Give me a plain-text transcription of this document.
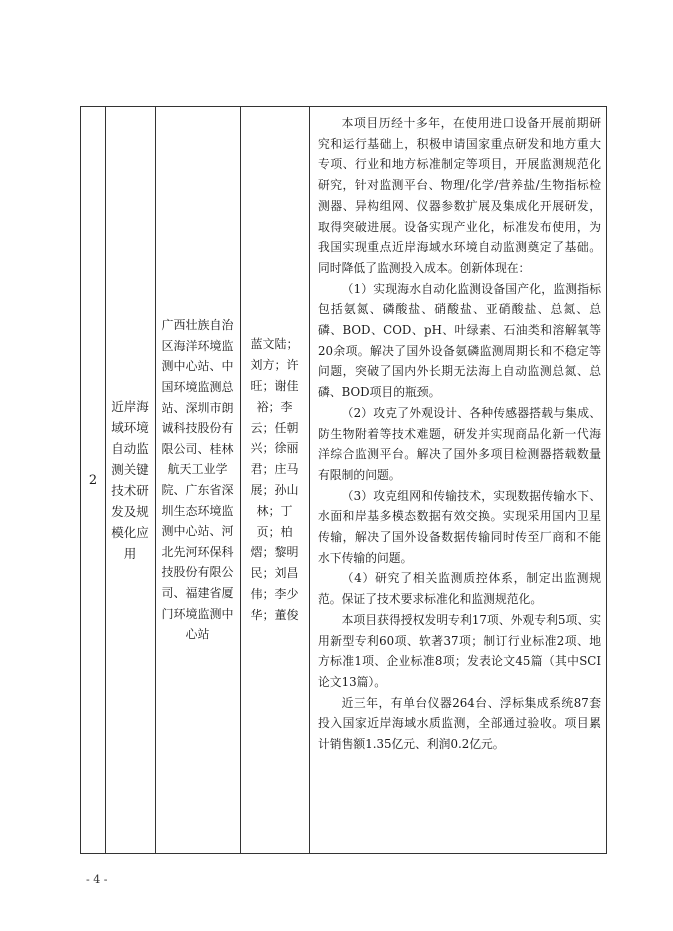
2
近岸海域环境自动监测关键技术研发及规模化应用
广西壮族自治区海洋环境监测中心站、中国环境监测总站、深圳市朗诚科技股份有限公司、桂林航天工业学院、广东省深圳生态环境监测中心站、河北先河环保科技股份有限公司、福建省厦门环境监测中心站
蓝文陆；刘方；许旺；谢佳裕；李云；任朝兴；徐丽君；庄马展；孙山林；丁页；柏熠；黎明民；刘昌伟；李少华；董俊

本项目历经十多年，在使用进口设备开展前期研究和运行基础上，积极申请国家重点研发和地方重大专项、行业和地方标准制定等项目，开展监测规范化研究，针对监测平台、物理/化学/营养盐/生物指标检测器、异构组网、仪器参数扩展及集成化开展研发，取得突破进展。设备实现产业化，标准发布使用，为我国实现重点近岸海域水环境自动监测奠定了基础。同时降低了监测投入成本。创新体现在：

（1）实现海水自动化监测设备国产化，监测指标包括氨氮、磷酸盐、硝酸盐、亚硝酸盐、总氮、总磷、BOD、COD、pH、叶绿素、石油类和溶解氧等20余项。解决了国外设备氨磷监测周期长和不稳定等问题，突破了国内外长期无法海上自动监测总氮、总磷、BOD项目的瓶颈。

（2）攻克了外观设计、各种传感器搭载与集成、防生物附着等技术难题，研发并实现商品化新一代海洋综合监测平台。解决了国外多项目检测器搭载数量有限制的问题。

（3）攻克组网和传输技术，实现数据传输水下、水面和岸基多模态数据有效交换。实现采用国内卫星传输，解决了国外设备数据传输同时传至厂商和不能水下传输的问题。

（4）研究了相关监测质控体系，制定出监测规范。保证了技术要求标准化和监测规范化。

本项目获得授权发明专利17项、外观专利5项、实用新型专利60项、软著37项；制订行业标准2项、地方标准1项、企业标准8项；发表论文45篇（其中SCI论文13篇）。

近三年，有单台仪器264台、浮标集成系统87套投入国家近岸海域水质监测，全部通过验收。项目累计销售额1.35亿元、利润0.2亿元。

- 4 -
